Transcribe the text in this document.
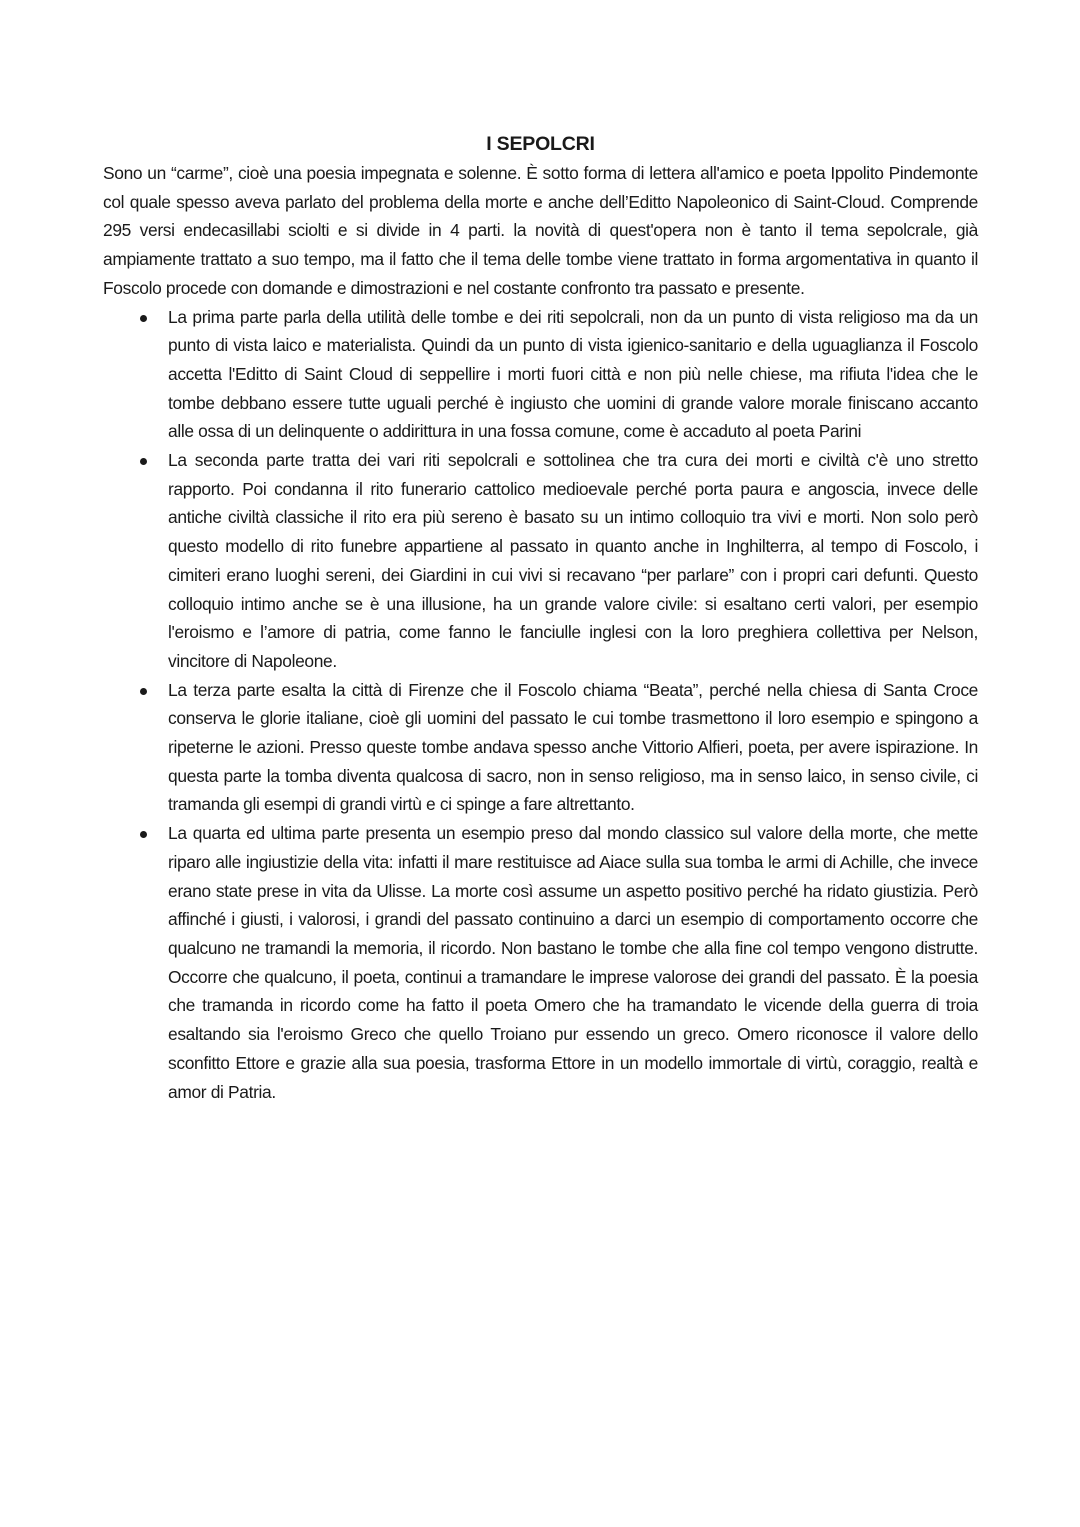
I SEPOLCRI

Sono un “carme”, cioè una poesia impegnata e solenne. È sotto forma di lettera all'amico e poeta Ippolito Pindemonte col quale spesso aveva parlato del problema della morte e anche dell’Editto Napoleonico di Saint-Cloud. Comprende 295 versi endecasillabi sciolti e si divide in 4 parti. la novità di quest'opera non è tanto il tema sepolcrale, già ampiamente trattato a suo tempo, ma il fatto che il tema delle tombe viene trattato in forma argomentativa in quanto il Foscolo procede con domande e dimostrazioni e nel costante confronto tra passato e presente.

La prima parte parla della utilità delle tombe e dei riti sepolcrali, non da un punto di vista religioso ma da un punto di vista laico e materialista. Quindi da un punto di vista igienico-sanitario e della uguaglianza il Foscolo accetta l'Editto di Saint Cloud di seppellire i morti fuori città e non più nelle chiese, ma rifiuta l'idea che le tombe debbano essere tutte uguali perché è ingiusto che uomini di grande valore morale finiscano accanto alle ossa di un delinquente o addirittura in una fossa comune, come è accaduto al poeta Parini
La seconda parte tratta dei vari riti sepolcrali e sottolinea che tra cura dei morti e civiltà c'è uno stretto rapporto. Poi condanna il rito funerario cattolico medioevale perché porta paura e angoscia, invece delle antiche civiltà classiche il rito era più sereno è basato su un intimo colloquio tra vivi e morti. Non solo però questo modello di rito funebre appartiene al passato in quanto anche in Inghilterra, al tempo di Foscolo, i cimiteri erano luoghi sereni, dei Giardini in cui vivi si recavano “per parlare” con i propri cari defunti. Questo colloquio intimo anche se è una illusione, ha un grande valore civile: si esaltano certi valori, per esempio l'eroismo e l’amore di patria, come fanno le fanciulle inglesi con la loro preghiera collettiva per Nelson, vincitore di Napoleone.
La terza parte esalta la città di Firenze che il Foscolo chiama “Beata”, perché nella chiesa di Santa Croce conserva le glorie italiane, cioè gli uomini del passato le cui tombe trasmettono il loro esempio e spingono a ripeterne le azioni. Presso queste tombe andava spesso anche Vittorio Alfieri, poeta, per avere ispirazione. In questa parte la tomba diventa qualcosa di sacro, non in senso religioso, ma in senso laico, in senso civile, ci tramanda gli esempi di grandi virtù e ci spinge a fare altrettanto.
La quarta ed ultima parte presenta un esempio preso dal mondo classico sul valore della morte, che mette riparo alle ingiustizie della vita: infatti il mare restituisce ad Aiace sulla sua tomba le armi di Achille, che invece erano state prese in vita da Ulisse. La morte così assume un aspetto positivo perché ha ridato giustizia. Però affinché i giusti, i valorosi, i grandi del passato continuino a darci un esempio di comportamento occorre che qualcuno ne tramandi la memoria, il ricordo. Non bastano le tombe che alla fine col tempo vengono distrutte. Occorre che qualcuno, il poeta, continui a tramandare le imprese valorose dei grandi del passato. È la poesia che tramanda in ricordo come ha fatto il poeta Omero che ha tramandato le vicende della guerra di troia esaltando sia l'eroismo Greco che quello Troiano pur essendo un greco. Omero riconosce il valore dello sconfitto Ettore e grazie alla sua poesia, trasforma Ettore in un modello immortale di virtù, coraggio, realtà e amor di Patria.
